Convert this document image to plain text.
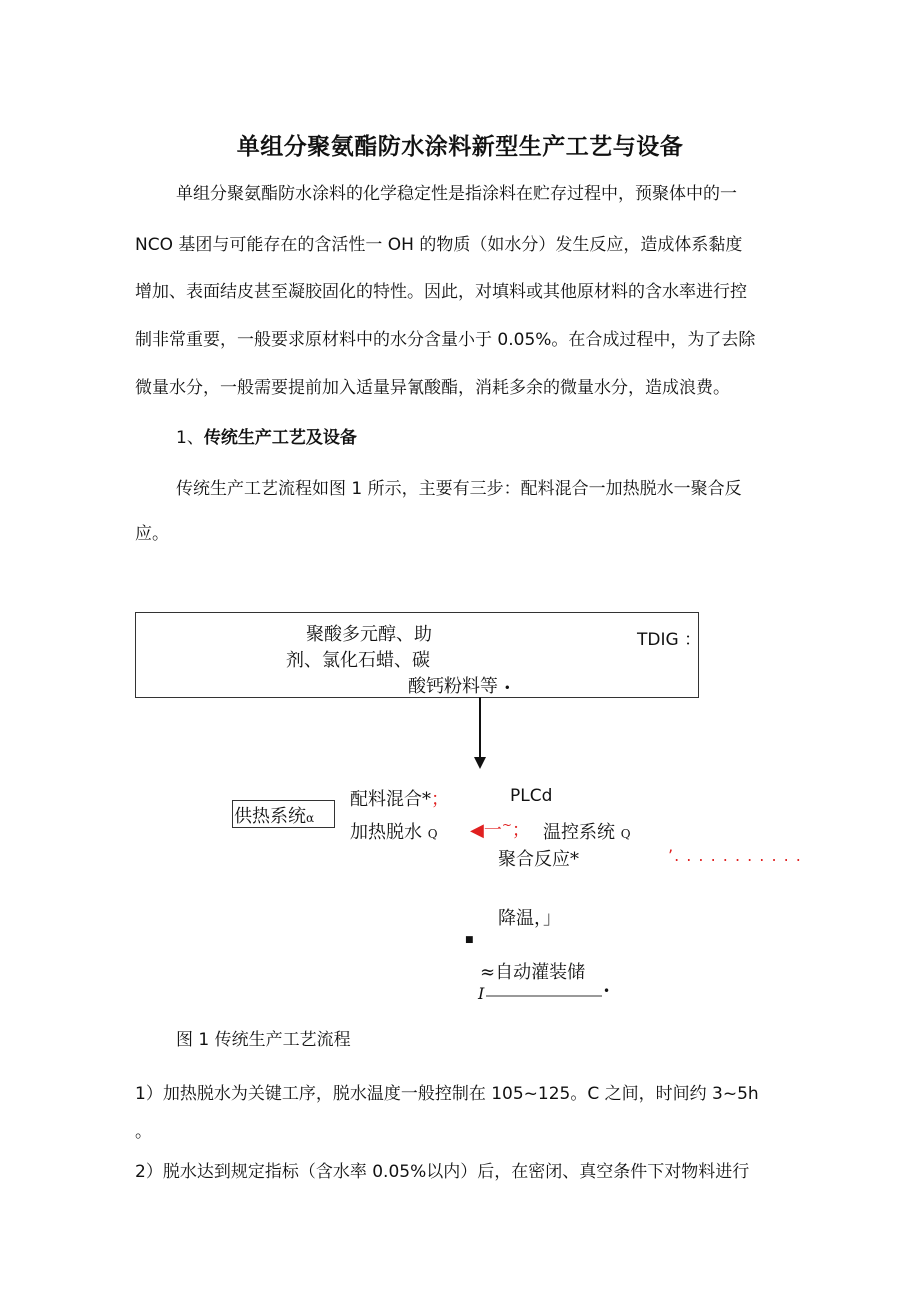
单组分聚氨酯防水涂料新型生产工艺与设备
单组分聚氨酯防水涂料的化学稳定性是指涂料在贮存过程中，预聚体中的一
NCO 基团与可能存在的含活性一 OH 的物质（如水分）发生反应，造成体系黏度
增加、表面结皮甚至凝胶固化的特性。因此，对填料或其他原材料的含水率进行控
制非常重要，一般要求原材料中的水分含量小于 0.05%。在合成过程中，为了去除
微量水分，一般需要提前加入适量异氰酸酯，消耗多余的微量水分，造成浪费。
1、传统生产工艺及设备
传统生产工艺流程如图 1 所示，主要有三步：配料混合一加热脱水一聚合反
应。
聚酸多元醇、助
剂、氯化石蜡、碳
酸钙粉料等 •
TDIG ：
供热系统α
配料混合*；	PLCd
加热脱水 Q ◀一~； 温控系统 Q
聚合反应*	’. . . . . . . . . . .
降温，」
■
≈自动灌装储
I	•
图 1 传统生产工艺流程
1）加热脱水为关键工序，脱水温度一般控制在 105~125。C 之间，时间约 3~5h
。
2）脱水达到规定指标（含水率 0.05%以内）后，在密闭、真空条件下对物料进行
